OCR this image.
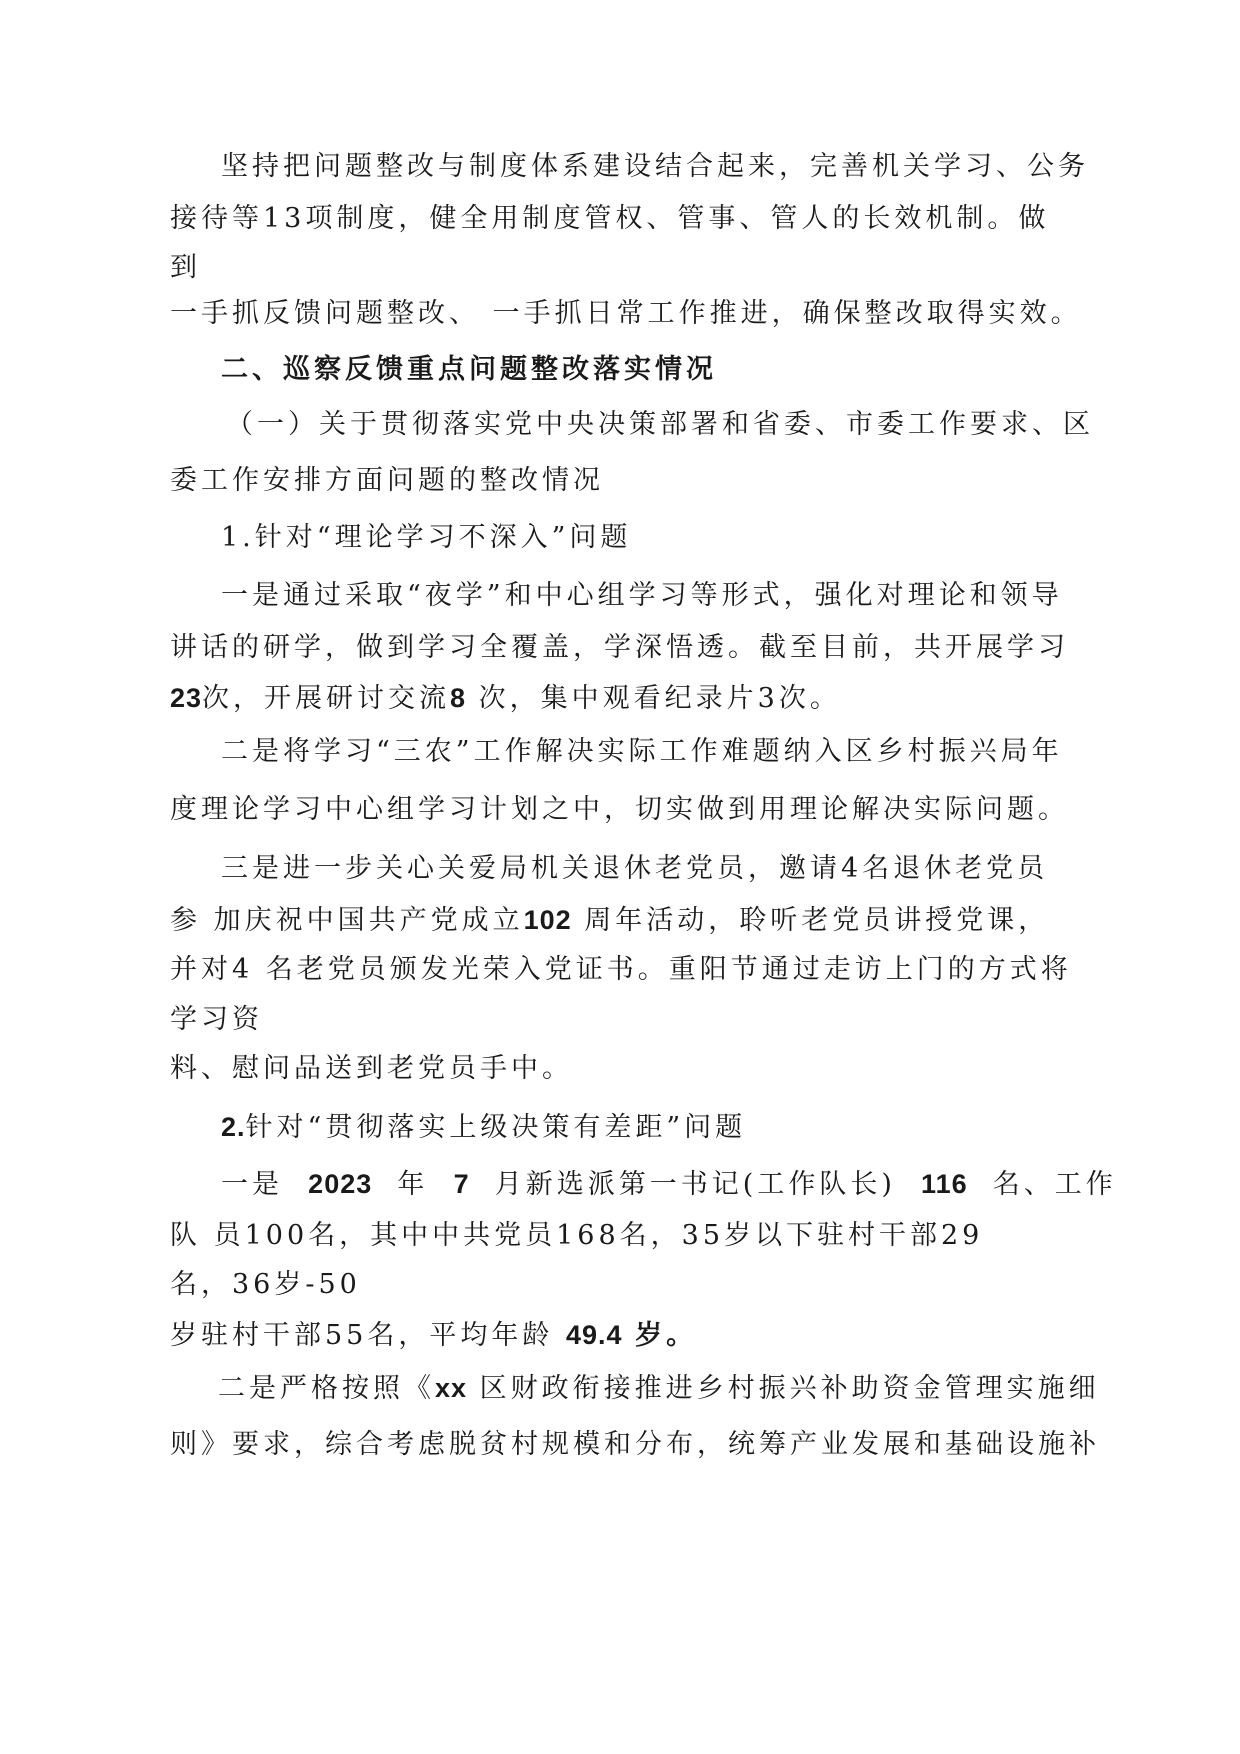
坚持把问题整改与制度体系建设结合起来，完善机关学习、公务
接待等13项制度，健全用制度管权、管事、管人的长效机制。做
到
一手抓反馈问题整改、 一手抓日常工作推进，确保整改取得实效。
二、巡察反馈重点问题整改落实情况
（一）关于贯彻落实党中央决策部署和省委、市委工作要求、区
委工作安排方面问题的整改情况
1.针对“理论学习不深入”问题
一是通过采取“夜学”和中心组学习等形式，强化对理论和领导
讲话的研学，做到学习全覆盖，学深悟透。截至目前，共开展学习
23次，开展研讨交流8 次，集中观看纪录片3次。
二是将学习“三农”工作解决实际工作难题纳入区乡村振兴局年
度理论学习中心组学习计划之中，切实做到用理论解决实际问题。
三是进一步关心关爱局机关退休老党员，邀请4名退休老党员
参 加庆祝中国共产党成立102 周年活动，聆听老党员讲授党课，
并对4 名老党员颁发光荣入党证书。重阳节通过走访上门的方式将
学习资
料、慰问品送到老党员手中。
2.针对“贯彻落实上级决策有差距”问题
一是 2023 年 7 月新选派第一书记(工作队长) 116 名、工作
队 员100名，其中中共党员168名，35岁以下驻村干部29
名，36岁-50
岁驻村干部55名，平均年龄 49.4 岁。
二是严格按照《xx 区财政衔接推进乡村振兴补助资金管理实施细
则》要求，综合考虑脱贫村规模和分布，统筹产业发展和基础设施补
